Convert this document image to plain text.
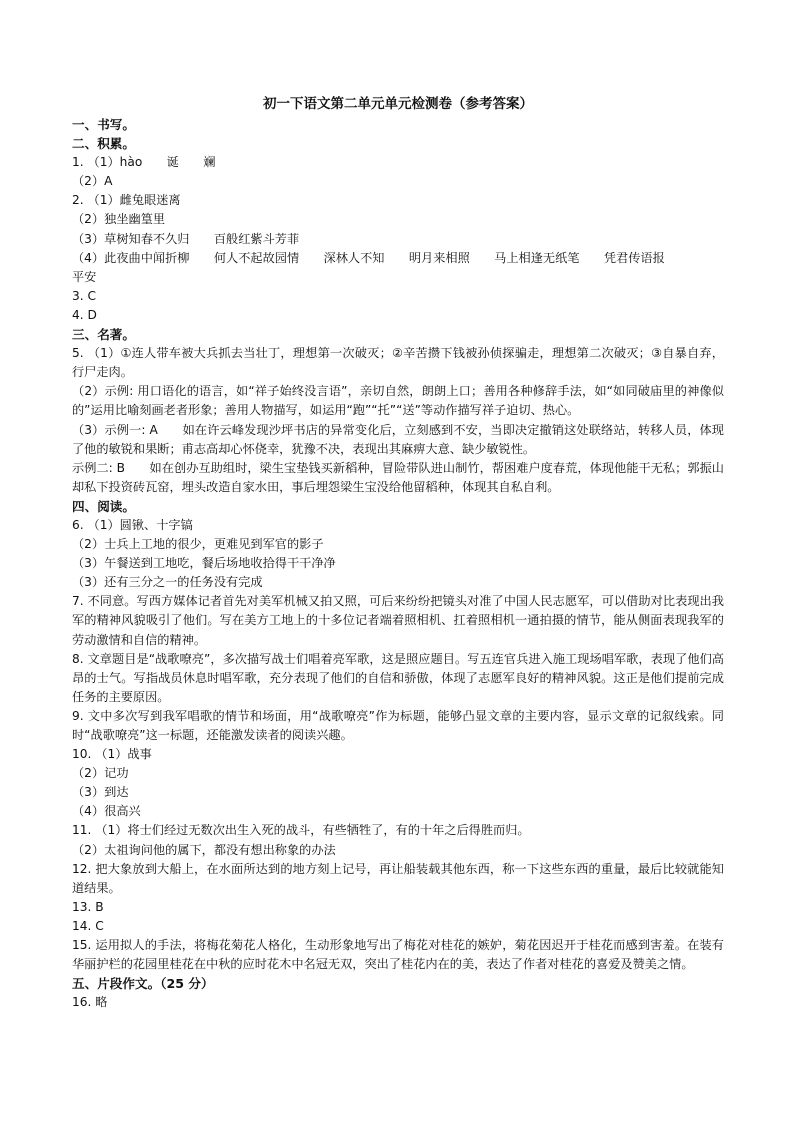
初一下语文第二单元单元检测卷（参考答案）
一、书写。
二、积累。
1. （1）hào　　诞　　斓
（2）A
2. （1）雌兔眼迷离
（2）独坐幽篁里
（3）草树知春不久归　　百般红紫斗芳菲
（4）此夜曲中闻折柳　　何人不起故园情　　深林人不知　　明月来相照　　马上相逢无纸笔　　凭君传语报
平安
3. C
4. D
三、名著。
5. （1）①连人带车被大兵抓去当壮丁，理想第一次破灭；②辛苦攒下钱被孙侦探骗走，理想第二次破灭；③自暴自弃，行尸走肉。
（2）示例: 用口语化的语言，如“祥子始终没言语”，亲切自然，朗朗上口；善用各种修辞手法，如“如同破庙里的神像似的”运用比喻刻画老者形象；善用人物描写，如运用“跑”“托”“送”等动作描写祥子迫切、热心。
（3）示例一: A　　如在许云峰发现沙坪书店的异常变化后，立刻感到不安，当即决定撤销这处联络站，转移人员，体现了他的敏锐和果断；甫志高却心怀侥幸，犹豫不决，表现出其麻痹大意、缺少敏锐性。
示例二: B　　如在创办互助组时，梁生宝垫钱买新稻种，冒险带队进山制竹，帮困难户度春荒，体现他能干无私；郭振山却私下投资砖瓦窑，埋头改造自家水田，事后埋怨梁生宝没给他留稻种，体现其自私自利。
四、阅读。
6. （1）圆锹、十字镐
（2）士兵上工地的很少，更难见到军官的影子
（3）午餐送到工地吃，餐后场地收拾得干干净净
（3）还有三分之一的任务没有完成
7. 不同意。写西方媒体记者首先对美军机械又拍又照，可后来纷纷把镜头对准了中国人民志愿军，可以借助对比表现出我军的精神风貌吸引了他们。写在美方工地上的十多位记者端着照相机、扛着照相机一通拍摄的情节，能从侧面表现我军的劳动激情和自信的精神。
8. 文章题目是“战歌嘹亮”，多次描写战士们唱着亮军歌，这是照应题目。写五连官兵进入施工现场唱军歌，表现了他们高昂的士气。写指战员休息时唱军歌，充分表现了他们的自信和骄傲，体现了志愿军良好的精神风貌。这正是他们提前完成任务的主要原因。
9. 文中多次写到我军唱歌的情节和场面，用“战歌嘹亮”作为标题，能够凸显文章的主要内容，显示文章的记叙线索。同时“战歌嘹亮”这一标题，还能激发读者的阅读兴趣。
10. （1）战事
（2）记功
（3）到达
（4）很高兴
11. （1）将士们经过无数次出生入死的战斗，有些牺牲了，有的十年之后得胜而归。
（2）太祖询问他的属下，都没有想出称象的办法
12. 把大象放到大船上，在水面所达到的地方刻上记号，再让船装载其他东西，称一下这些东西的重量，最后比较就能知道结果。
13. B
14. C
15. 运用拟人的手法，将梅花菊花人格化，生动形象地写出了梅花对桂花的嫉妒，菊花因迟开于桂花而感到害羞。在装有华丽护栏的花园里桂花在中秋的应时花木中名冠无双，突出了桂花内在的美，表达了作者对桂花的喜爱及赞美之情。
五、片段作文。（25 分）
16. 略
